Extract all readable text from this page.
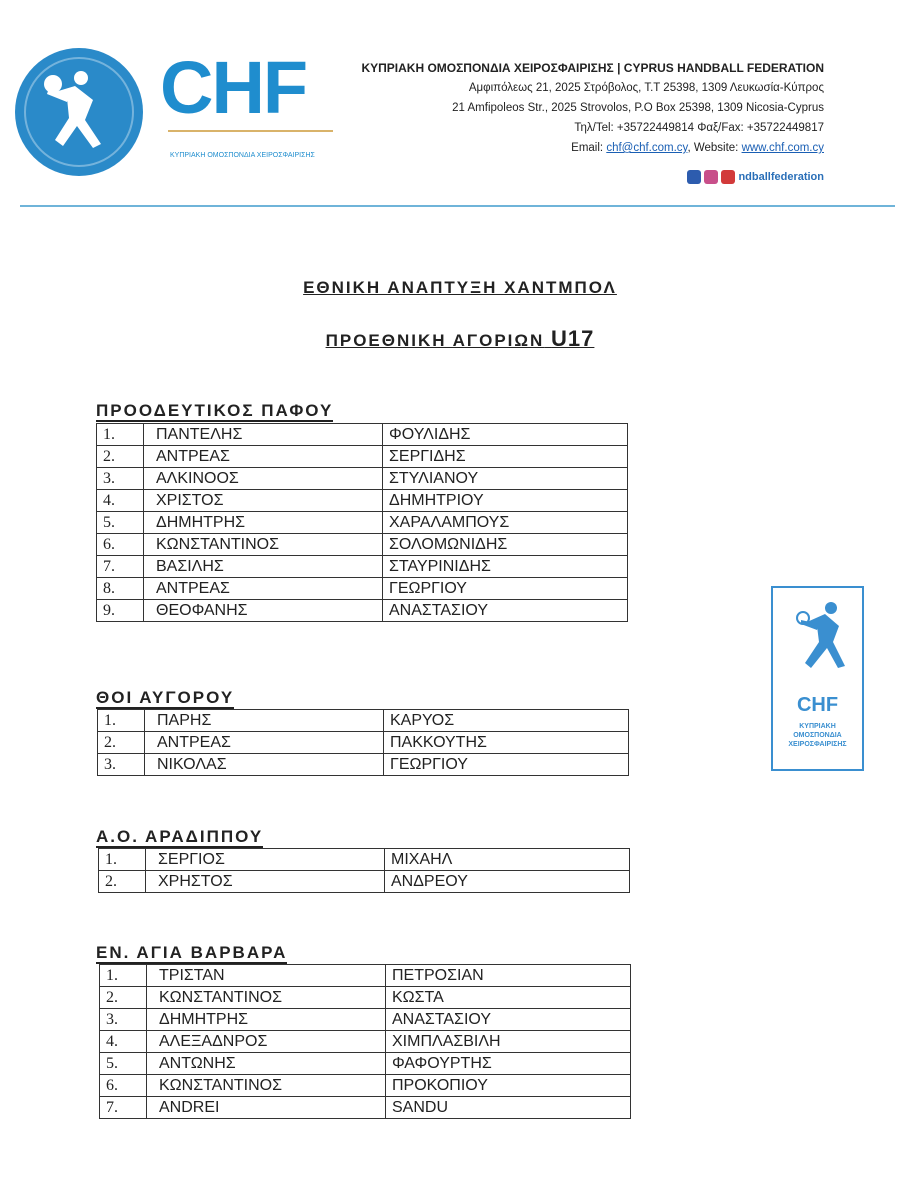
CHF
ΚΥΠΡΙΑΚΗ ΟΜΟΣΠΟΝΔΙΑ ΧΕΙΡΟΣΦΑΙΡΙΣΗΣ
ΚΥΠΡΙΑΚΗ ΟΜΟΣΠΟΝΔΙΑ ΧΕΙΡΟΣΦΑΙΡΙΣΗΣ | CYPRUS HANDBALL FEDERATION
Αμφιπόλεως 21, 2025 Στρόβολος, Τ.Τ 25398, 1309 Λευκωσία-Κύπρος
21 Amfipoleos Str., 2025 Strovolos, P.O Box 25398, 1309 Nicosia-Cyprus
Τηλ/Tel: +35722449814 Φαξ/Fax: +35722449817
Email: chf@chf.com.cy, Website: www.chf.com.cy
ndballfederation
ΕΘΝΙΚΗ ΑΝΑΠΤΥΞΗ ΧΑΝΤΜΠΟΛ
ΠΡΟΕΘΝΙΚΗ ΑΓΟΡΙΩΝ U17
ΠΡΟΟΔΕΥΤΙΚΟΣ ΠΑΦΟΥ
1.	ΠΑΝΤΕΛΗΣ	ΦΟΥΛΙΔΗΣ
2.	ΑΝΤΡΕΑΣ	ΣΕΡΓΙΔΗΣ
3.	ΑΛΚΙΝΟΟΣ	ΣΤΥΛΙΑΝΟΥ
4.	ΧΡΙΣΤΟΣ	ΔΗΜΗΤΡΙΟΥ
5.	ΔΗΜΗΤΡΗΣ	ΧΑΡΑΛΑΜΠΟΥΣ
6.	ΚΩΝΣΤΑΝΤΙΝΟΣ	ΣΟΛΟΜΩΝΙΔΗΣ
7.	ΒΑΣΙΛΗΣ	ΣΤΑΥΡΙΝΙΔΗΣ
8.	ΑΝΤΡΕΑΣ	ΓΕΩΡΓΙΟΥ
9.	ΘΕΟΦΑΝΗΣ	ΑΝΑΣΤΑΣΙΟΥ
ΘΟΙ ΑΥΓΟΡΟΥ
1.	ΠΑΡΗΣ	ΚΑΡΥΟΣ
2.	ΑΝΤΡΕΑΣ	ΠΑΚΚΟΥΤΗΣ
3.	ΝΙΚΟΛΑΣ	ΓΕΩΡΓΙΟΥ
Α.Ο. ΑΡΑΔΙΠΠΟΥ
1.	ΣΕΡΓΙΟΣ	ΜΙΧΑΗΛ
2.	ΧΡΗΣΤΟΣ	ΑΝΔΡΕΟΥ
ΕΝ. ΑΓΙΑ ΒΑΡΒΑΡΑ
1.	ΤΡΙΣΤΑΝ	ΠΕΤΡΟΣΙΑΝ
2.	ΚΩΝΣΤΑΝΤΙΝΟΣ	ΚΩΣΤΑ
3.	ΔΗΜΗΤΡΗΣ	ΑΝΑΣΤΑΣΙΟΥ
4.	ΑΛΕΞΑΔΝΡΟΣ	ΧΙΜΠΛΑΣΒΙΛΗ
5.	ΑΝΤΩΝΗΣ	ΦΑΦΟΥΡΤΗΣ
6.	ΚΩΝΣΤΑΝΤΙΝΟΣ	ΠΡΟΚΟΠΙΟΥ
7.	ANDREI	SANDU
CHF
ΚΥΠΡΙΑΚΗ
ΟΜΟΣΠΟΝΔΙΑ
ΧΕΙΡΟΣΦΑΙΡΙΣΗΣ
